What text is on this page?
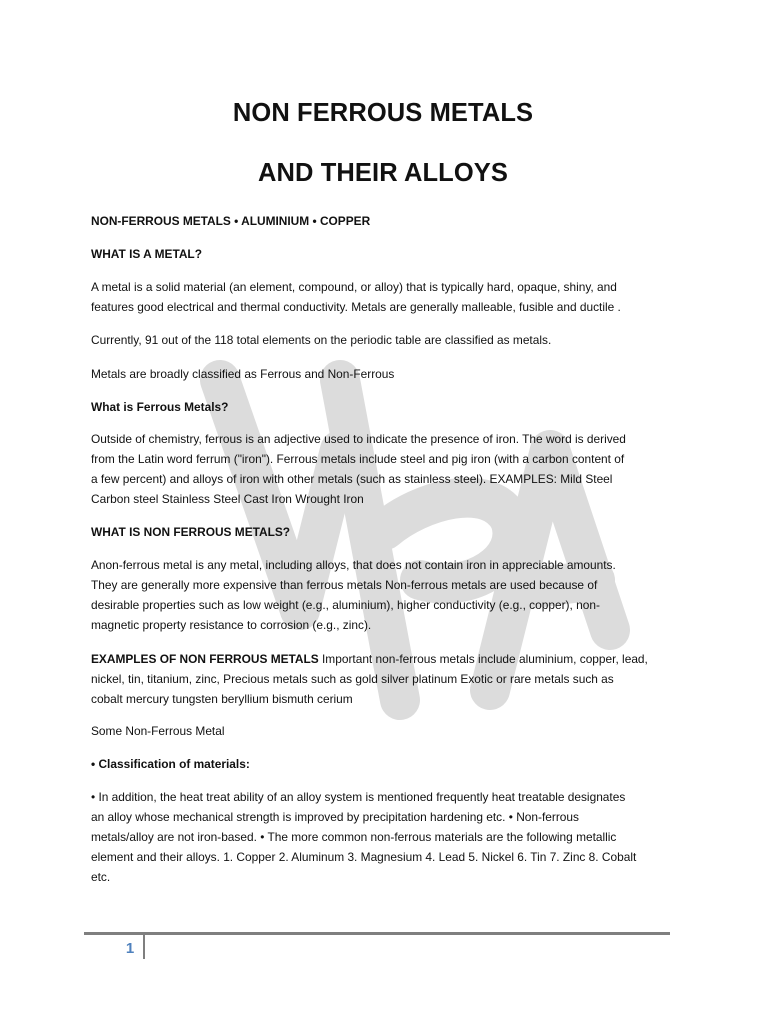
NON FERROUS METALS
AND THEIR ALLOYS
NON-FERROUS METALS • ALUMINIUM • COPPER
WHAT IS A METAL?
A metal is a solid material (an element, compound, or alloy) that is typically hard, opaque, shiny, and
features good electrical and thermal conductivity. Metals are generally malleable, fusible and ductile .
Currently, 91 out of the 118 total elements on the periodic table are classified as metals.
Metals are broadly classified as Ferrous and Non-Ferrous
What is Ferrous Metals?
Outside of chemistry, ferrous is an adjective used to indicate the presence of iron. The word is derived
from the Latin word ferrum ("iron"). Ferrous metals include steel and pig iron (with a carbon content of
a few percent) and alloys of iron with other metals (such as stainless steel). EXAMPLES: Mild Steel
Carbon steel Stainless Steel Cast Iron Wrought Iron
WHAT IS NON FERROUS METALS?
Anon-ferrous metal is any metal, including alloys, that does not contain iron in appreciable amounts.
They are generally more expensive than ferrous metals Non-ferrous metals are used because of
desirable properties such as low weight (e.g., aluminium), higher conductivity (e.g., copper), non-
magnetic property resistance to corrosion (e.g., zinc).
EXAMPLES OF NON FERROUS METALS Important non-ferrous metals include aluminium, copper, lead,
nickel, tin, titanium, zinc, Precious metals such as gold silver platinum Exotic or rare metals such as
cobalt mercury tungsten beryllium bismuth cerium
Some Non-Ferrous Metal
• Classification of materials:
• In addition, the heat treat ability of an alloy system is mentioned frequently heat treatable designates
an alloy whose mechanical strength is improved by precipitation hardening etc. • Non-ferrous
metals/alloy are not iron-based. • The more common non-ferrous materials are the following metallic
element and their alloys. 1. Copper 2. Aluminum 3. Magnesium 4. Lead 5. Nickel 6. Tin 7. Zinc 8. Cobalt
etc.
1
